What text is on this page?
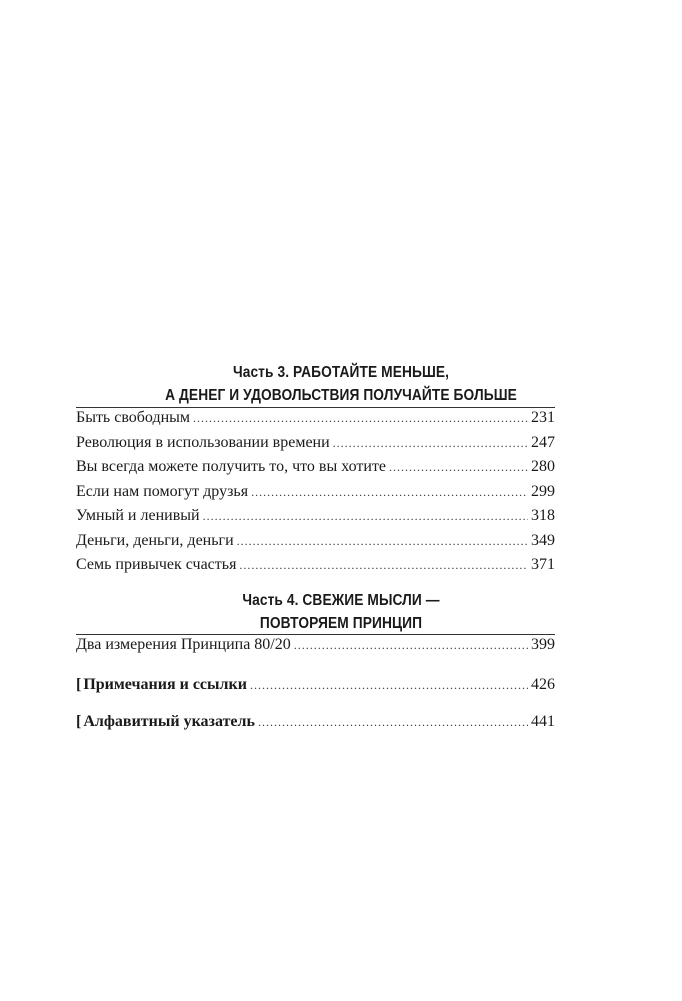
Часть 3. РАБОТАЙТЕ МЕНЬШЕ,
А ДЕНЕГ И УДОВОЛЬСТВИЯ ПОЛУЧАЙТЕ БОЛЬШЕ
Быть свободным .....	231
Революция в использовании времени .....	247
Вы всегда можете получить то, что вы хотите .....	280
Если нам помогут друзья .....	299
Умный и ленивый .....	318
Деньги, деньги, деньги .....	349
Семь привычек счастья .....	371
Часть 4. СВЕЖИЕ МЫСЛИ —
ПОВТОРЯЕМ ПРИНЦИП
Два измерения Принципа 80/20 .....	399
[ Примечания и ссылки .....	426
[ Алфавитный указатель .....	441
